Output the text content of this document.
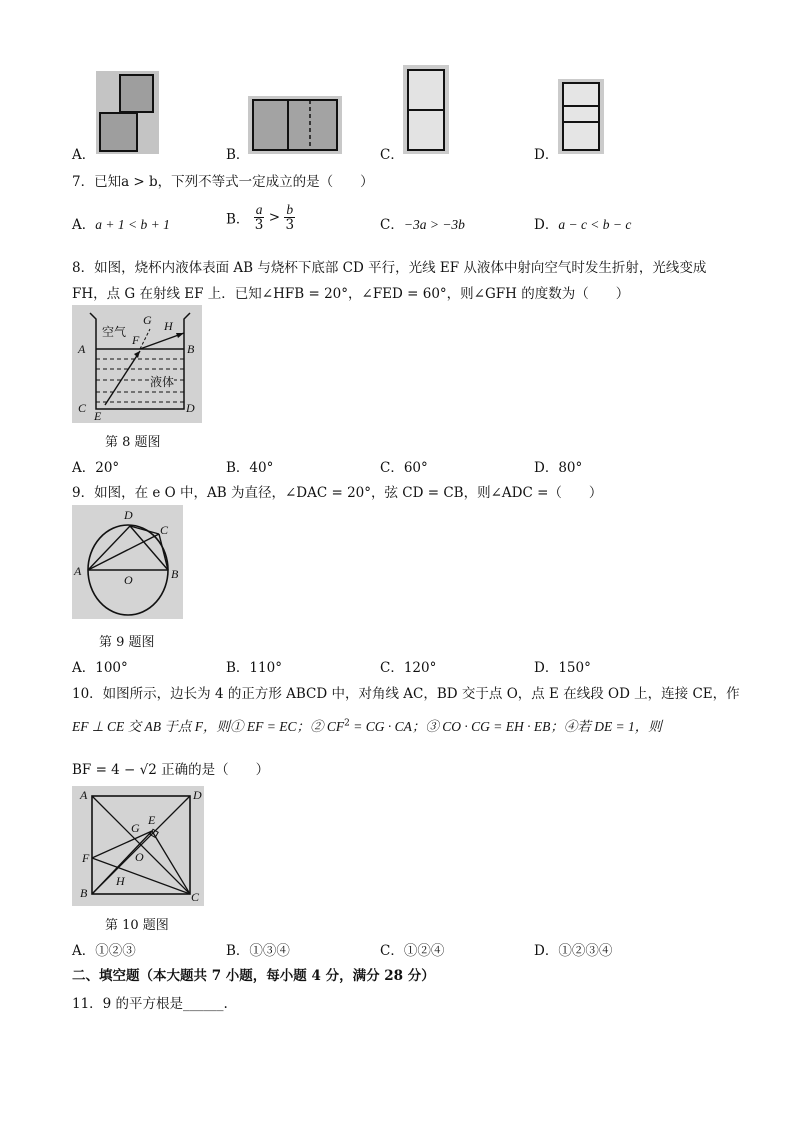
A．	B．	C．	D．
7．已知a > b，下列不等式一定成立的是（　　）
A．a + 1 < b + 1	B． $\frac{a}{3} > \frac{b}{3}$	C．−3a > −3b	D．a − c < b − c
8．如图，烧杯内液体表面 AB 与烧杯下底部 CD 平行，光线 EF 从液体中射向空气时发生折射，光线变成
FH，点 G 在射线 EF 上．已知∠HFB = 20°，∠FED = 60°，则∠GFH 的度数为（　　）
A	B
C	D
E
F
G H
空气
液体
第 8 题图
A．20°	B．40°	C．60°	D．80°
9．如图，在 e O 中，AB 为直径，∠DAC = 20°，弦 CD = CB，则∠ADC =（　　）
A	B
C
D
O
第 9 题图
A．100°	B．110°	C．120°	D．150°
10．如图所示，边长为 4 的正方形 ABCD 中，对角线 AC，BD 交于点 O，点 E 在线段 OD 上，连接 CE，作
EF ⊥ CE 交 AB 于点 F，则① EF = EC；② $CF^2$ = CG · CA；③ CO · CG = EH · EB；④若 DE = 1，则
BF = 4 − √2 正确的是（　　）
A	D
B	C
F
E
G
O
H
第 10 题图
A．①②③	B．①③④	C．①②④	D．①②③④
二、填空题（本大题共 7 小题，每小题 4 分，满分 28 分）
11．9 的平方根是______.
